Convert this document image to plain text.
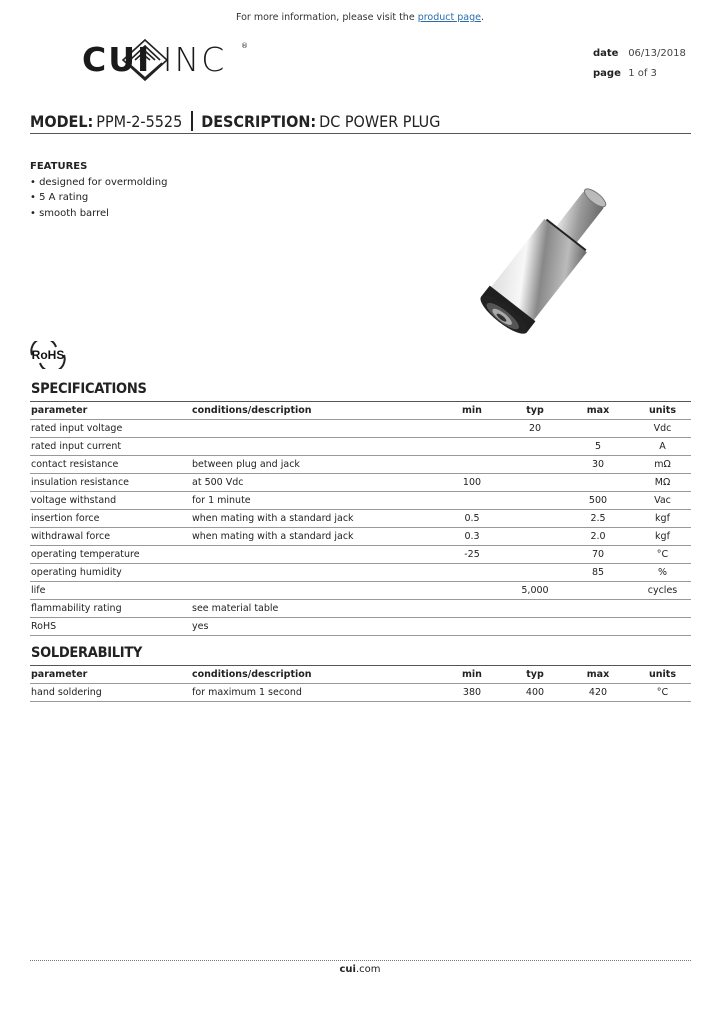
For more information, please visit the product page.
CUI INC ®
date 06/13/2018
page 1 of 3
MODEL: PPM-2-5525 DESCRIPTION: DC POWER PLUG
FEATURES
• designed for overmolding
• 5 A rating
• smooth barrel
RoHS
SPECIFICATIONS
parameter	conditions/description	min	typ	max	units
rated input voltage			20		Vdc
rated input current				5	A
contact resistance	between plug and jack			30	mΩ
insulation resistance	at 500 Vdc	100			MΩ
voltage withstand	for 1 minute			500	Vac
insertion force	when mating with a standard jack	0.5		2.5	kgf
withdrawal force	when mating with a standard jack	0.3		2.0	kgf
operating temperature		-25		70	°C
operating humidity				85	%
life			5,000		cycles
flammability rating	see material table				
RoHS	yes				
SOLDERABILITY
parameter	conditions/description	min	typ	max	units
hand soldering	for maximum 1 second	380	400	420	°C
cui.com
